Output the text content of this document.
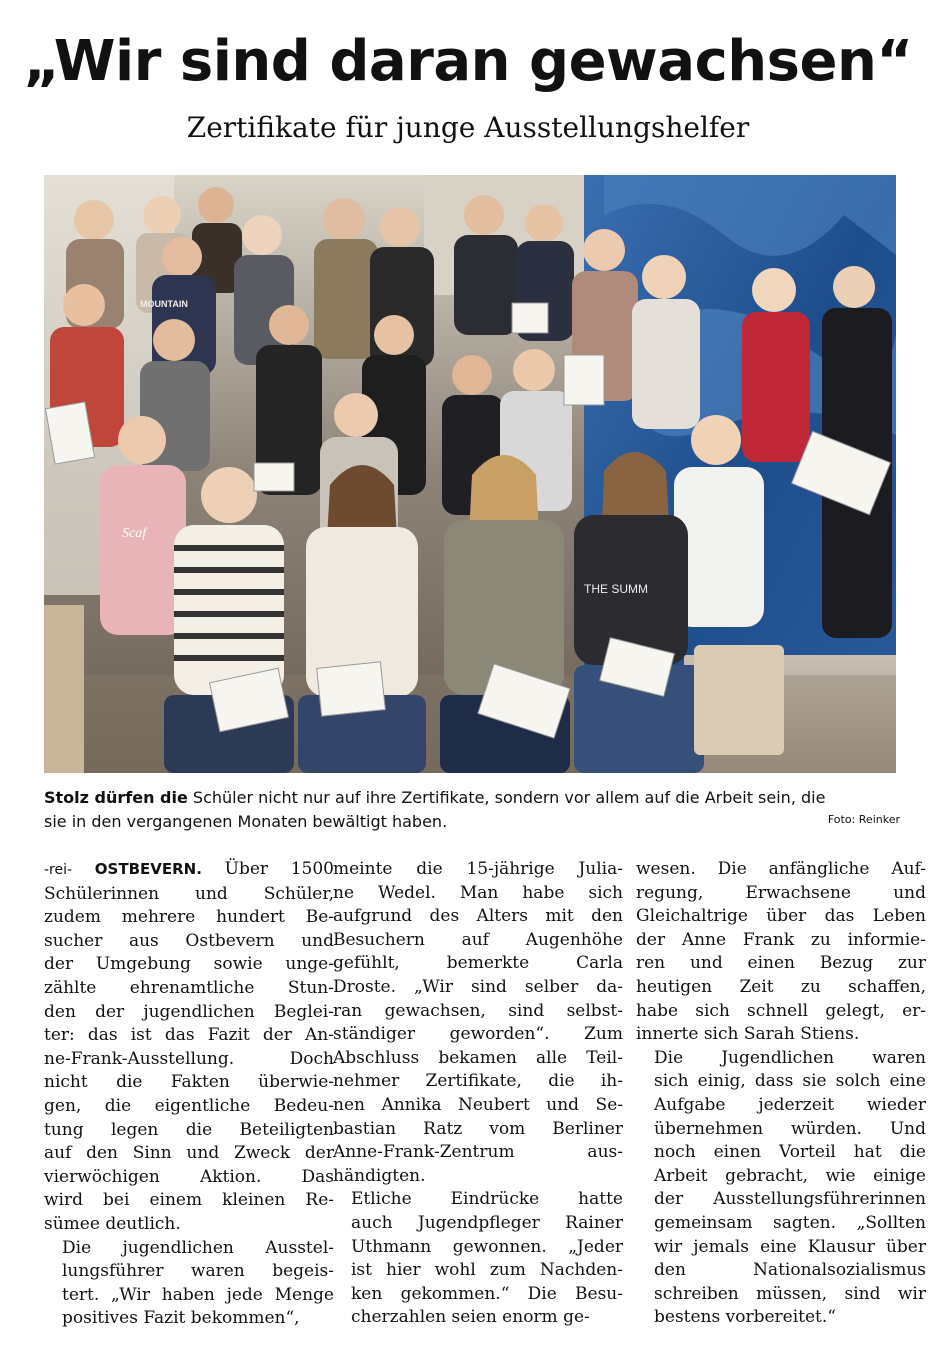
„Wir sind daran gewachsen“
Zertifikate für junge Ausstellungshelfer
MOUNTAIN
THE SUMM
Scaf
Stolz dürfen die Schüler nicht nur auf ihre Zertifikate, sondern vor allem auf die Arbeit sein, die
sie in den vergangenen Monaten bewältigt haben.	Foto: Reinker

-rei- OSTBEVERN. Über 1500
Schülerinnen und Schüler,
zudem mehrere hundert Be-
sucher aus Ostbevern und
der Umgebung sowie unge-
zählte ehrenamtliche Stun-
den der jugendlichen Beglei-
ter: das ist das Fazit der An-
ne-Frank-Ausstellung. Doch
nicht die Fakten überwie-
gen, die eigentliche Bedeu-
tung legen die Beteiligten
auf den Sinn und Zweck der
vierwöchigen Aktion. Das
wird bei einem kleinen Re-
sümee deutlich.

Die jugendlichen Ausstel-
lungsführer waren begeis-
tert. „Wir haben jede Menge
positives Fazit bekommen“,

meinte die 15-jährige Julia-
ne Wedel. Man habe sich
aufgrund des Alters mit den
Besuchern auf Augenhöhe
gefühlt, bemerkte Carla
Droste. „Wir sind selber da-
ran gewachsen, sind selbst-
ständiger geworden“. Zum
Abschluss bekamen alle Teil-
nehmer Zertifikate, die ih-
nen Annika Neubert und Se-
bastian Ratz vom Berliner
Anne-Frank-Zentrum aus-
händigten.

Etliche Eindrücke hatte
auch Jugendpfleger Rainer
Uthmann gewonnen. „Jeder
ist hier wohl zum Nachden-
ken gekommen.“ Die Besu-
cherzahlen seien enorm ge-

wesen. Die anfängliche Auf-
regung, Erwachsene und
Gleichaltrige über das Leben
der Anne Frank zu informie-
ren und einen Bezug zur
heutigen Zeit zu schaffen,
habe sich schnell gelegt, er-
innerte sich Sarah Stiens.

Die Jugendlichen waren
sich einig, dass sie solch eine
Aufgabe jederzeit wieder
übernehmen würden. Und
noch einen Vorteil hat die
Arbeit gebracht, wie einige
der Ausstellungsführerinnen
gemeinsam sagten. „Sollten
wir jemals eine Klausur über
den Nationalsozialismus
schreiben müssen, sind wir
bestens vorbereitet.“
